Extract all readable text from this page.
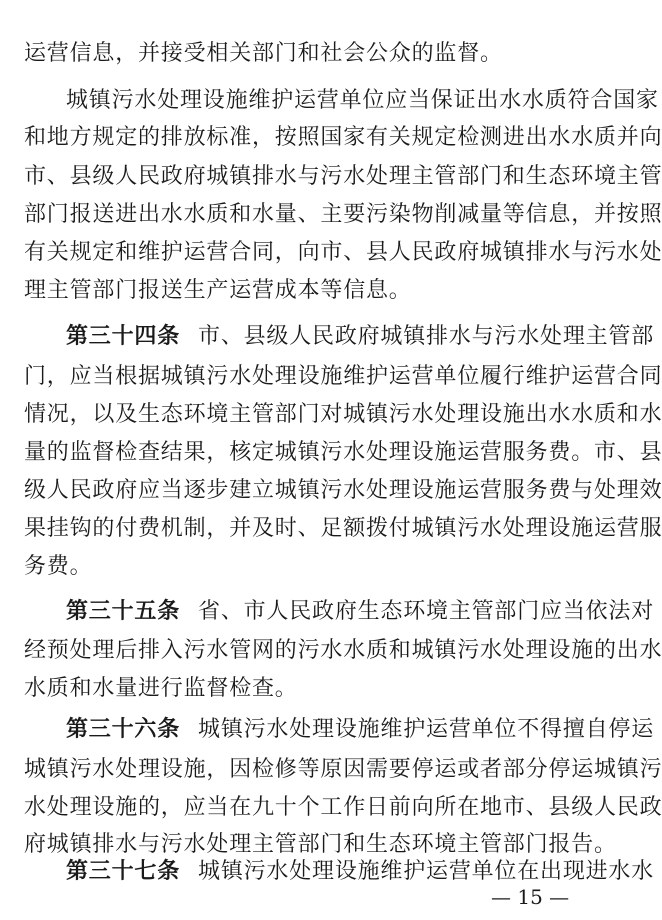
运营信息，并接受相关部门和社会公众的监督。
城镇污水处理设施维护运营单位应当保证出水水质符合国家
和地方规定的排放标准，按照国家有关规定检测进出水水质并向
市、县级人民政府城镇排水与污水处理主管部门和生态环境主管
部门报送进出水水质和水量、主要污染物削减量等信息，并按照
有关规定和维护运营合同，向市、县人民政府城镇排水与污水处
理主管部门报送生产运营成本等信息。
第三十四条 市、县级人民政府城镇排水与污水处理主管部
门，应当根据城镇污水处理设施维护运营单位履行维护运营合同
情况，以及生态环境主管部门对城镇污水处理设施出水水质和水
量的监督检查结果，核定城镇污水处理设施运营服务费。市、县
级人民政府应当逐步建立城镇污水处理设施运营服务费与处理效
果挂钩的付费机制，并及时、足额拨付城镇污水处理设施运营服
务费。
第三十五条 省、市人民政府生态环境主管部门应当依法对
经预处理后排入污水管网的污水水质和城镇污水处理设施的出水
水质和水量进行监督检查。
第三十六条 城镇污水处理设施维护运营单位不得擅自停运
城镇污水处理设施，因检修等原因需要停运或者部分停运城镇污
水处理设施的，应当在九十个工作日前向所在地市、县级人民政
府城镇排水与污水处理主管部门和生态环境主管部门报告。
第三十七条 城镇污水处理设施维护运营单位在出现进水水
— 15 —
